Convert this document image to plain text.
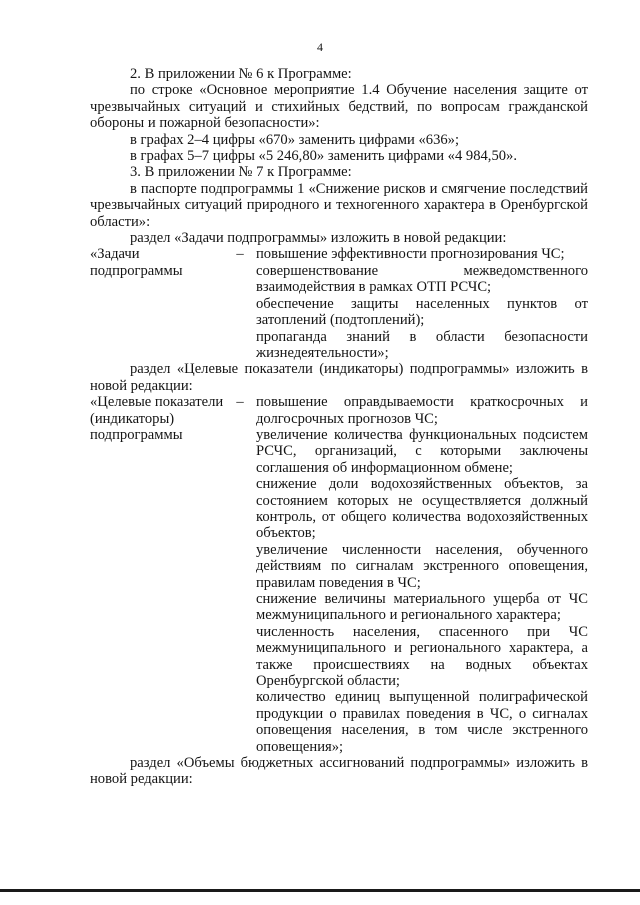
4

2. В приложении № 6 к Программе:

по строке «Основное мероприятие 1.4 Обучение населения защите от чрезвычайных ситуаций и стихийных бедствий, по вопросам гражданской обороны и пожарной безопасности»:

в графах 2–4 цифры «670» заменить цифрами «636»;

в графах 5–7 цифры «5 246,80» заменить цифрами «4 984,50».

3. В приложении № 7 к Программе:

в паспорте подпрограммы 1 «Снижение рисков и смягчение последствий чрезвычайных ситуаций природного и техногенного характера в Оренбургской области»:

раздел «Задачи подпрограммы» изложить в новой редакции:

«Задачи подпрограммы
– повышение эффективности прогнозирования ЧС;

совершенствование межведомственного взаимодействия в рамках ОТП РСЧС;

обеспечение защиты населенных пунктов от затоплений (подтоплений);

пропаганда знаний в области безопасности жизнедеятельности»;

раздел «Целевые показатели (индикаторы) подпрограммы» изложить в новой редакции:

«Целевые показатели (индикаторы) подпрограммы
– повышение оправдываемости краткосрочных и долгосрочных прогнозов ЧС;

увеличение количества функциональных подсистем РСЧС, организаций, с которыми заключены соглашения об информационном обмене;

снижение доли водохозяйственных объектов, за состоянием которых не осуществляется должный контроль, от общего количества водохозяйственных объектов;

увеличение численности населения, обученного действиям по сигналам экстренного оповещения, правилам поведения в ЧС;

снижение величины материального ущерба от ЧС межмуниципального и регионального характера;

численность населения, спасенного при ЧС межмуниципального и регионального характера, а также происшествиях на водных объектах Оренбургской области;

количество единиц выпущенной полиграфической продукции о правилах поведения в ЧС, о сигналах оповещения населения, в том числе экстренного оповещения»;

раздел «Объемы бюджетных ассигнований подпрограммы» изложить в новой редакции:
